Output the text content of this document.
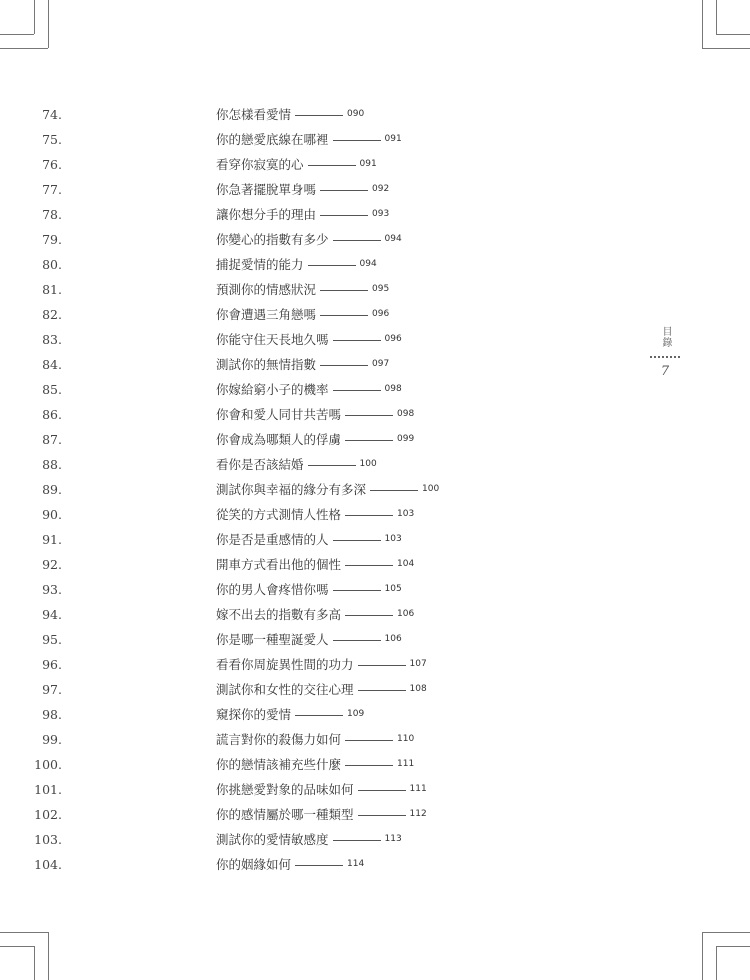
74.	你怎樣看愛情	090
75.	你的戀愛底線在哪裡	091
76.	看穿你寂寞的心	091
77.	你急著擺脫單身嗎	092
78.	讓你想分手的理由	093
79.	你變心的指數有多少	094
80.	捕捉愛情的能力	094
81.	預測你的情感狀況	095
82.	你會遭遇三角戀嗎	096
83.	你能守住天長地久嗎	096
84.	測試你的無情指數	097
85.	你嫁給窮小子的機率	098
86.	你會和愛人同甘共苦嗎	098
87.	你會成為哪類人的俘虜	099
88.	看你是否該結婚	100
89.	測試你與幸福的緣分有多深	100
90.	從笑的方式測情人性格	103
91.	你是否是重感情的人	103
92.	開車方式看出他的個性	104
93.	你的男人會疼惜你嗎	105
94.	嫁不出去的指數有多高	106
95.	你是哪一種聖誕愛人	106
96.	看看你周旋異性間的功力	107
97.	測試你和女性的交往心理	108
98.	窺探你的愛情	109
99.	謊言對你的殺傷力如何	110
100.	你的戀情該補充些什麼	111
101.	你挑戀愛對象的品味如何	111
102.	你的感情屬於哪一種類型	112
103.	測試你的愛情敏感度	113
104.	你的姻緣如何	114
目錄
7
